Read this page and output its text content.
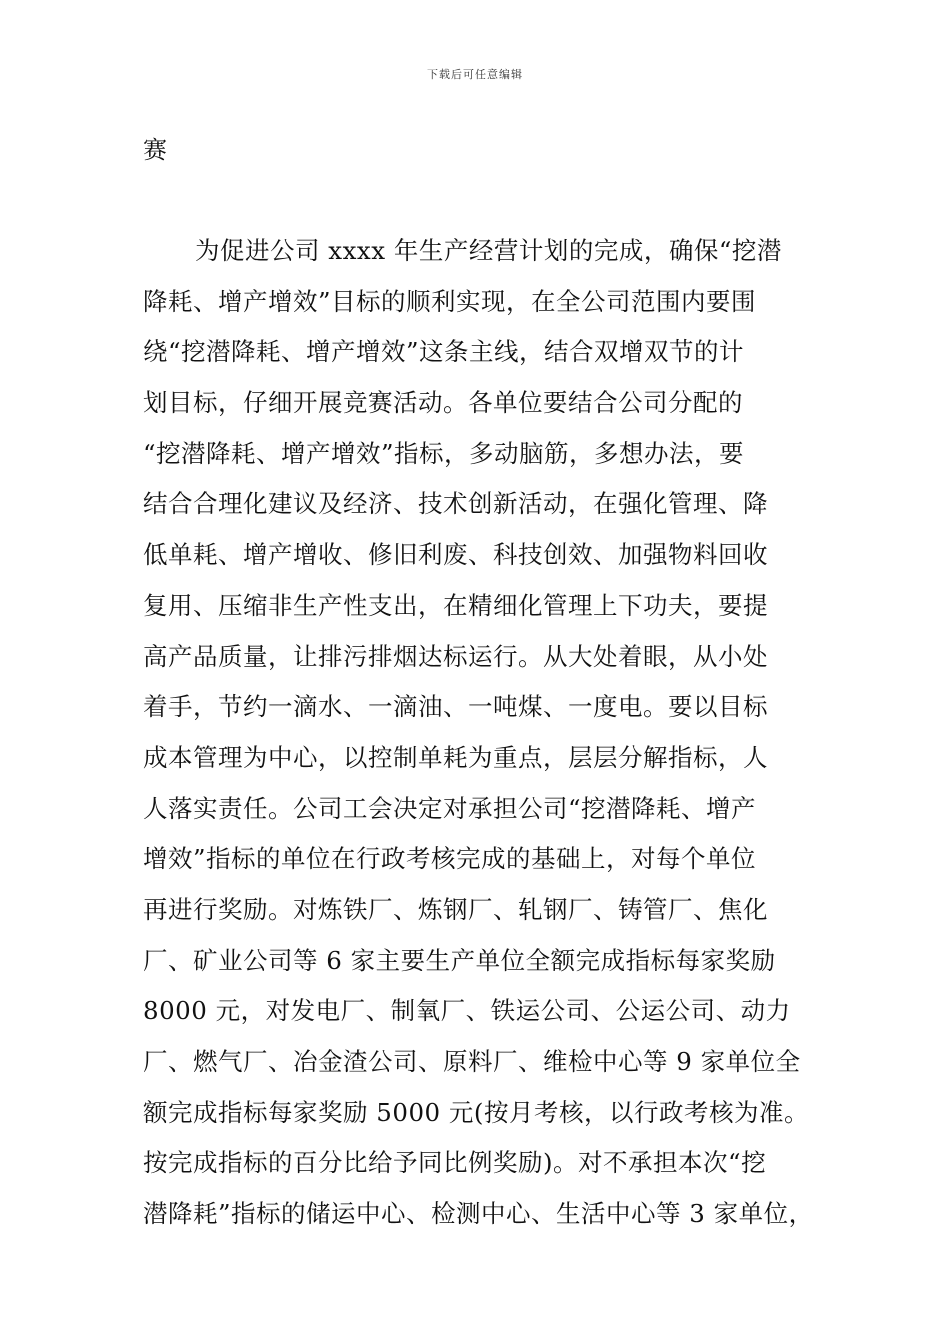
下载后可任意编辑
赛
为促进公司 xxxx 年生产经营计划的完成，确保“挖潜
降耗、增产增效”目标的顺利实现，在全公司范围内要围
绕“挖潜降耗、增产增效”这条主线，结合双增双节的计
划目标，仔细开展竞赛活动。各单位要结合公司分配的
“挖潜降耗、增产增效”指标，多动脑筋，多想办法，要
结合合理化建议及经济、技术创新活动，在强化管理、降
低单耗、增产增收、修旧利废、科技创效、加强物料回收
复用、压缩非生产性支出，在精细化管理上下功夫，要提
高产品质量，让排污排烟达标运行。从大处着眼，从小处
着手，节约一滴水、一滴油、一吨煤、一度电。要以目标
成本管理为中心，以控制单耗为重点，层层分解指标，人
人落实责任。公司工会决定对承担公司“挖潜降耗、增产
增效”指标的单位在行政考核完成的基础上，对每个单位
再进行奖励。对炼铁厂、炼钢厂、轧钢厂、铸管厂、焦化
厂、矿业公司等 6 家主要生产单位全额完成指标每家奖励
8000 元，对发电厂、制氧厂、铁运公司、公运公司、动力
厂、燃气厂、冶金渣公司、原料厂、维检中心等 9 家单位全
额完成指标每家奖励 5000 元(按月考核，以行政考核为准。
按完成指标的百分比给予同比例奖励)。对不承担本次“挖
潜降耗”指标的储运中心、检测中心、生活中心等 3 家单位，
